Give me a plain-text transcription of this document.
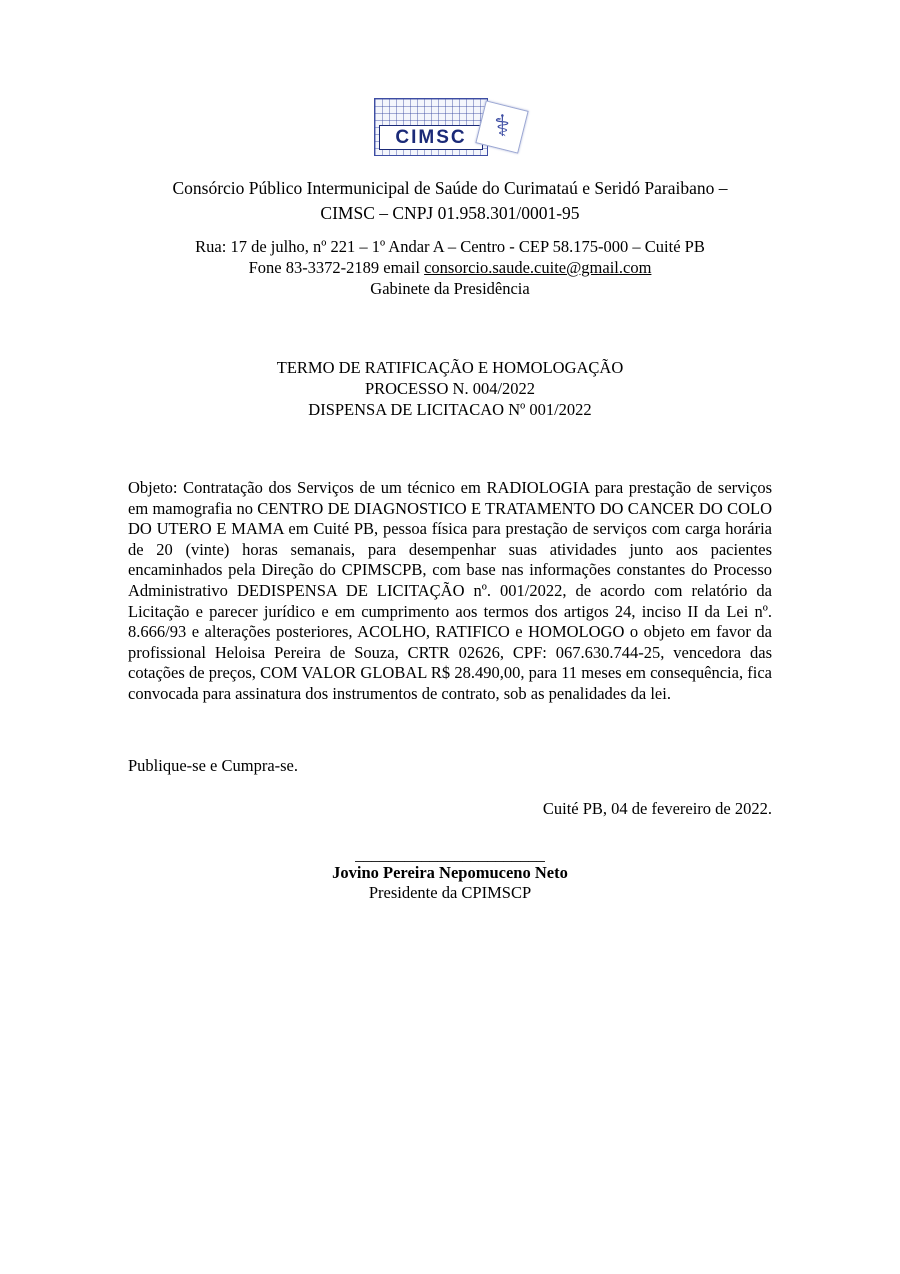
CIMSC ⚕
Consórcio Público Intermunicipal de Saúde do Curimataú e Seridó Paraibano –
CIMSC – CNPJ 01.958.301/0001-95
Rua: 17 de julho, nº 221 – 1º Andar A – Centro - CEP 58.175-000 – Cuité PB
Fone 83-3372-2189 email consorcio.saude.cuite@gmail.com
Gabinete da Presidência
TERMO DE RATIFICAÇÃO E HOMOLOGAÇÃO
PROCESSO N. 004/2022
DISPENSA DE LICITACAO Nº 001/2022

Objeto: Contratação dos Serviços de um técnico em RADIOLOGIA para prestação de serviços em mamografia no CENTRO DE DIAGNOSTICO E TRATAMENTO DO CANCER DO COLO DO UTERO E MAMA em Cuité PB, pessoa física para prestação de serviços com carga horária de 20 (vinte) horas semanais, para desempenhar suas atividades junto aos pacientes encaminhados pela Direção do CPIMSCPB, com base nas informações constantes do Processo Administrativo DEDISPENSA DE LICITAÇÃO nº. 001/2022, de acordo com relatório da Licitação e parecer jurídico e em cumprimento aos termos dos artigos 24, inciso II da Lei nº. 8.666/93 e alterações posteriores, ACOLHO, RATIFICO e HOMOLOGO o objeto em favor da profissional Heloisa Pereira de Souza, CRTR 02626, CPF: 067.630.744-25, vencedora das cotações de preços, COM VALOR GLOBAL R$ 28.490,00, para 11 meses em consequência, fica convocada para assinatura dos instrumentos de contrato, sob as penalidades da lei.

Publique-se e Cumpra-se.

Cuité PB, 04 de fevereiro de 2022.

_______________________
Jovino Pereira Nepomuceno Neto
Presidente da CPIMSCP
